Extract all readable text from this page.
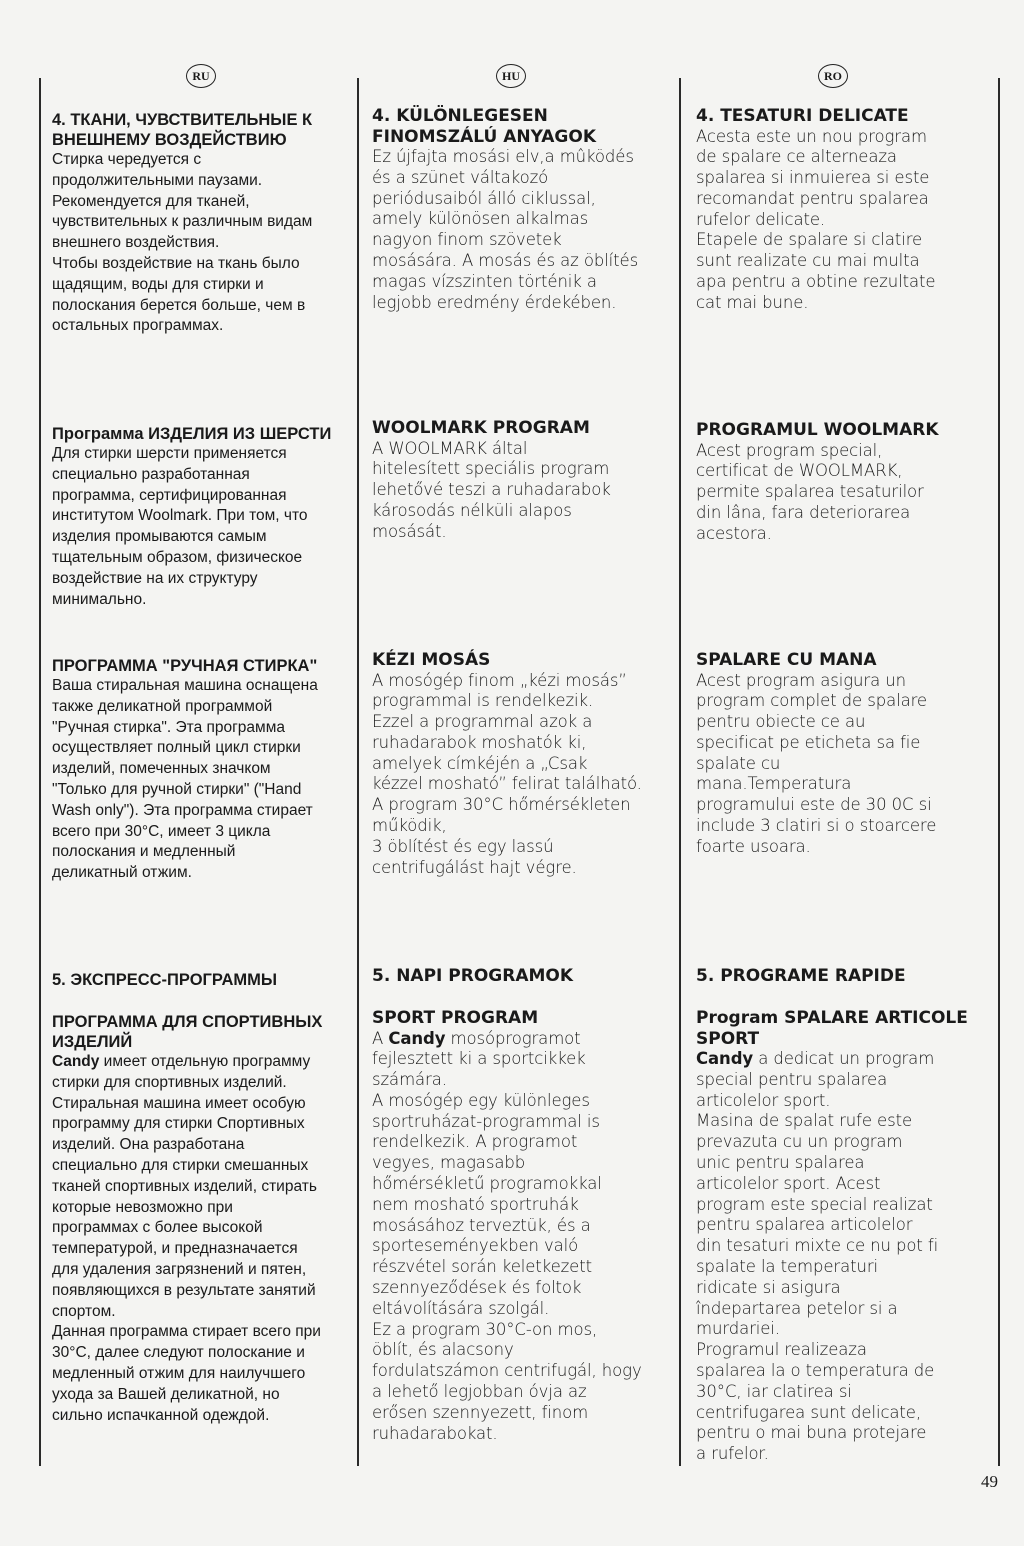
RU	HU	RO

4. ТКАНИ, ЧУВСТВИТЕЛЬНЫЕ К
ВНЕШНЕМУ ВОЗДЕЙСТВИЮ

Стирка чередуется с
продолжительными паузами.
Рекомендуется для тканей,
чувствительных к различным видам
внешнего воздействия.
Чтобы воздействие на ткань было
щадящим, воды для стирки и
полоскания берется больше, чем в
остальных программах.

Программа ИЗДЕЛИЯ ИЗ ШЕРСТИ

Для стирки шерсти применяется
специально разработанная
программа, сертифицированная
институтом Woolmark. При том, что
изделия промываются самым
тщательным образом, физическое
воздействие на их структуру
минимально.

ПРОГРАММА "РУЧНАЯ СТИРКА"

Ваша стиральная машина оснащена
также деликатной программой
"Ручная стирка". Эта программа
осуществляет полный цикл стирки
изделий, помеченных значком
"Только для ручной стирки" ("Hand
Wash only"). Эта программа стирает
всего при 30°С, имеет 3 цикла
полоскания и медленный
деликатный отжим.

5. ЭКСПРЕСС-ПРОГРАММЫ

ПРОГРАММА ДЛЯ СПОРТИВНЫХ
ИЗДЕЛИЙ

Candy имеет отдельную программу

стирки для спортивных изделий.
Стиральная машина имеет особую
программу для стирки Спортивных
изделий. Она разработана
специально для стирки смешанных
тканей спортивных изделий, стирать
которые невозможно при
программах с более высокой
температурой, и предназначается
для удаления загрязнений и пятен,
появляющихся в результате занятий
спортом.
Данная программа стирает всего при
30°С, далее следуют полоскание и
медленный отжим для наилучшего
ухода за Вашей деликатной, но
сильно испачканной одеждой.

4. KÜLÖNLEGESEN
FINOMSZÁLÚ ANYAGOK

Ez újfajta mosási elv,a mûködés
és a szünet váltakozó
periódusaiból álló ciklussal,
amely különösen alkalmas
nagyon finom szövetek
mosására. A mosás és az öblítés
magas vízszinten történik a
legjobb eredmény érdekében.

WOOLMARK PROGRAM

A WOOLMARK által
hitelesített speciális program
lehetővé teszi a ruhadarabok
károsodás nélküli alapos
mosását.

KÉZI MOSÁS

A mosógép finom „kézi mosás”
programmal is rendelkezik.
Ezzel a programmal azok a
ruhadarabok moshatók ki,
amelyek címkéjén a „Csak
kézzel mosható” felirat található.
A program 30°C hőmérsékleten
működik,
3 öblítést és egy lassú
centrifugálást hajt végre.

5. NAPI PROGRAMOK

SPORT PROGRAM

A Candy mosóprogramot

fejlesztett ki a sportcikkek
számára.
A mosógép egy különleges
sportruházat-programmal is
rendelkezik. A programot
vegyes, magasabb
hőmérsékletű programokkal
nem mosható sportruhák
mosásához terveztük, és a
sporteseményekben való
részvétel során keletkezett
szennyeződések és foltok
eltávolítására szolgál.
Ez a program 30°C-on mos,
öblít, és alacsony
fordulatszámon centrifugál, hogy
a lehető legjobban óvja az
erősen szennyezett, finom
ruhadarabokat.

4. TESATURI DELICATE

Acesta este un nou program
de spalare ce alterneaza
spalarea si inmuierea si este
recomandat pentru spalarea
rufelor delicate.
Etapele de spalare si clatire
sunt realizate cu mai multa
apa pentru a obtine rezultate
cat mai bune.

PROGRAMUL WOOLMARK

Acest program special,
certificat de WOOLMARK,
permite spalarea tesaturilor
din lâna, fara deteriorarea
acestora.

SPALARE CU MANA

Acest program asigura un
program complet de spalare
pentru obiecte ce au
specificat pe eticheta sa fie
spalate cu
mana.Temperatura
programului este de 30 0C si
include 3 clatiri si o stoarcere
foarte usoara.

5. PROGRAME RAPIDE

Program SPALARE ARTICOLE
SPORT

Candy a dedicat un program

special pentru spalarea
articolelor sport.
Masina de spalat rufe este
prevazuta cu un program
unic pentru spalarea
articolelor sport. Acest
program este special realizat
pentru spalarea articolelor
din tesaturi mixte ce nu pot fi
spalate la temperaturi
ridicate si asigura
îndepartarea petelor si a
murdariei.
Programul realizeaza
spalarea la o temperatura de
30°C, iar clatirea si
centrifugarea sunt delicate,
pentru o mai buna protejare
a rufelor.

49
